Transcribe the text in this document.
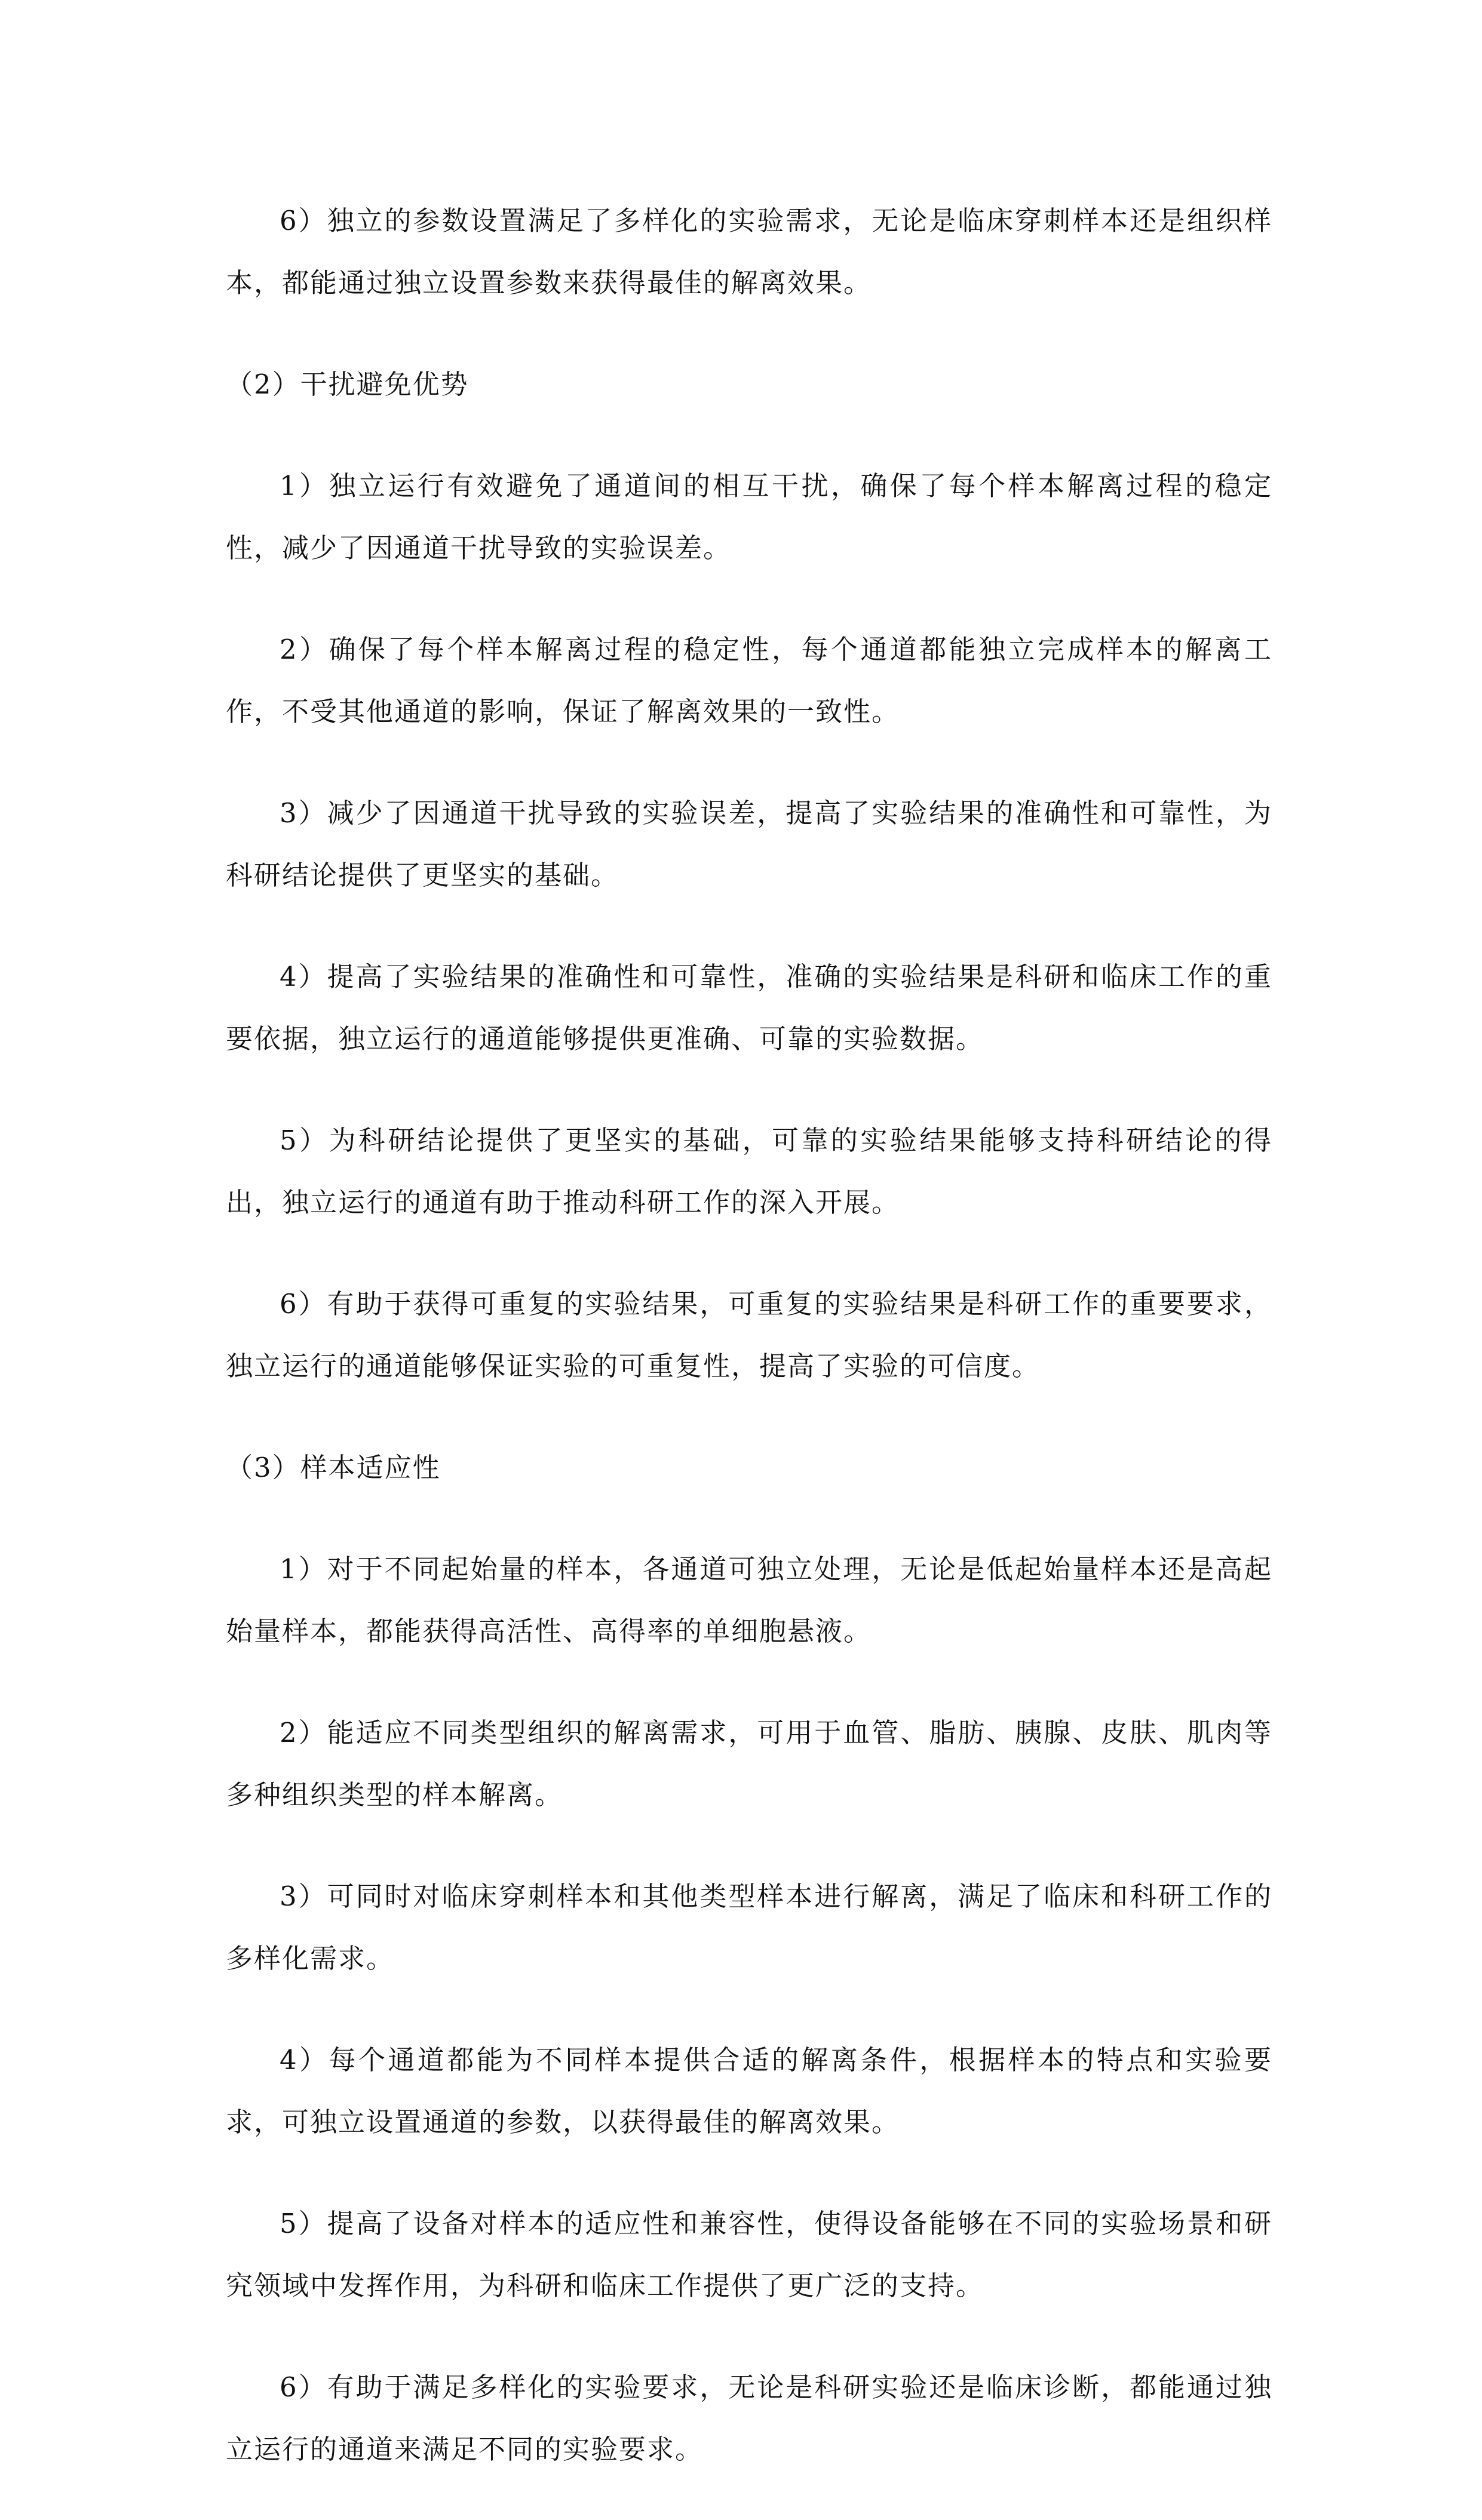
6）独立的参数设置满足了多样化的实验需求，无论是临床穿刺样本还是组织样本，都能通过独立设置参数来获得最佳的解离效果。

（2）干扰避免优势

1）独立运行有效避免了通道间的相互干扰，确保了每个样本解离过程的稳定性，减少了因通道干扰导致的实验误差。

2）确保了每个样本解离过程的稳定性，每个通道都能独立完成样本的解离工作，不受其他通道的影响，保证了解离效果的一致性。

3）减少了因通道干扰导致的实验误差，提高了实验结果的准确性和可靠性，为科研结论提供了更坚实的基础。

4）提高了实验结果的准确性和可靠性，准确的实验结果是科研和临床工作的重要依据，独立运行的通道能够提供更准确、可靠的实验数据。

5）为科研结论提供了更坚实的基础，可靠的实验结果能够支持科研结论的得出，独立运行的通道有助于推动科研工作的深入开展。

6）有助于获得可重复的实验结果，可重复的实验结果是科研工作的重要要求，独立运行的通道能够保证实验的可重复性，提高了实验的可信度。

（3）样本适应性

1）对于不同起始量的样本，各通道可独立处理，无论是低起始量样本还是高起始量样本，都能获得高活性、高得率的单细胞悬液。

2）能适应不同类型组织的解离需求，可用于血管、脂肪、胰腺、皮肤、肌肉等多种组织类型的样本解离。

3）可同时对临床穿刺样本和其他类型样本进行解离，满足了临床和科研工作的多样化需求。

4）每个通道都能为不同样本提供合适的解离条件，根据样本的特点和实验要求，可独立设置通道的参数，以获得最佳的解离效果。

5）提高了设备对样本的适应性和兼容性，使得设备能够在不同的实验场景和研究领域中发挥作用，为科研和临床工作提供了更广泛的支持。

6）有助于满足多样化的实验要求，无论是科研实验还是临床诊断，都能通过独立运行的通道来满足不同的实验要求。
